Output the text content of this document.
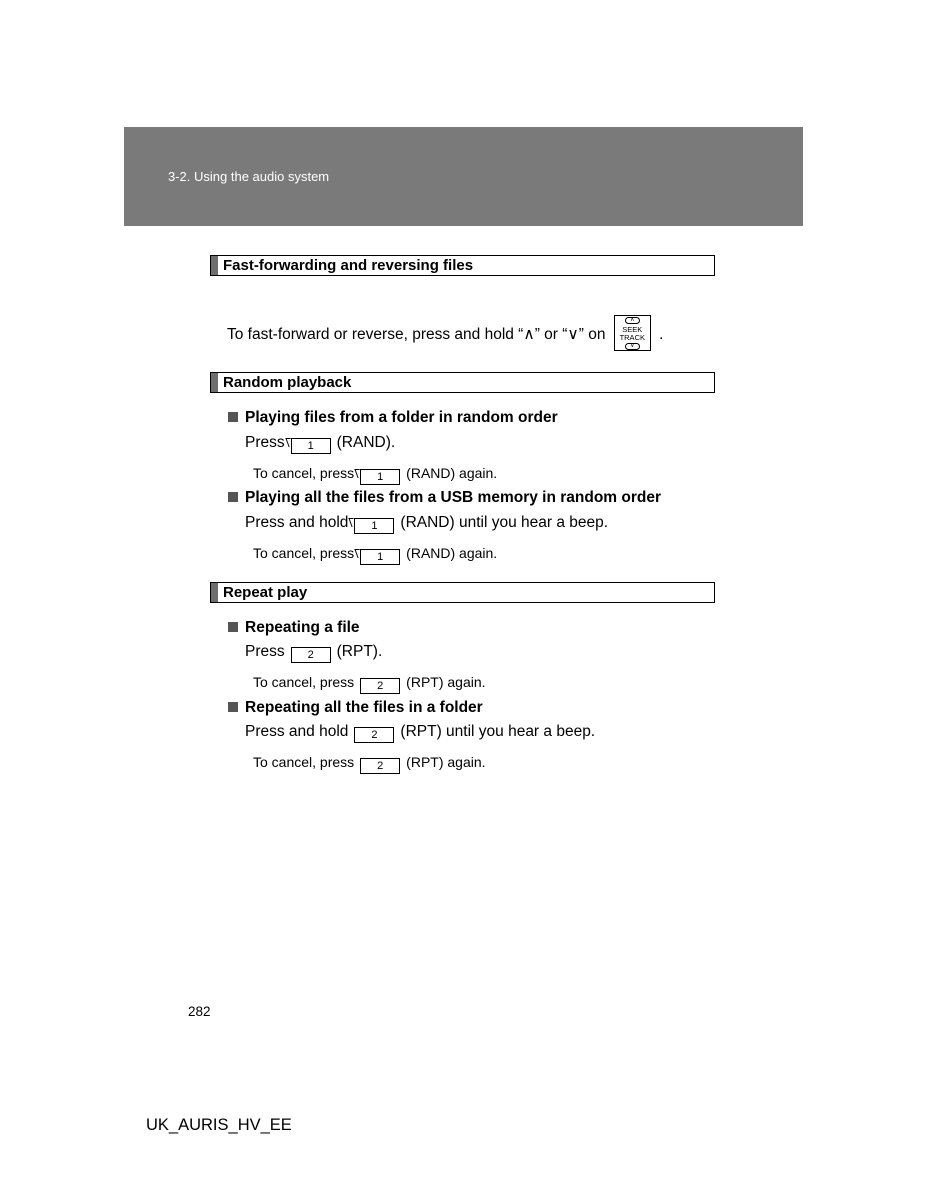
3-2. Using the audio system
Fast-forwarding and reversing files
To fast-forward or reverse, press and hold “∧” or “∨” on
∧
SEEK
TRACK
∨
.
Random playback
Playing files from a folder in random order
Press 1 (RAND).
To cancel, press 1 (RAND) again.
Playing all the files from a USB memory in random order
Press and hold 1 (RAND) until you hear a beep.
To cancel, press 1 (RAND) again.
Repeat play
Repeating a file
Press 2 (RPT).
To cancel, press 2 (RPT) again.
Repeating all the files in a folder
Press and hold 2 (RPT) until you hear a beep.
To cancel, press 2 (RPT) again.
282
UK_AURIS_HV_EE
